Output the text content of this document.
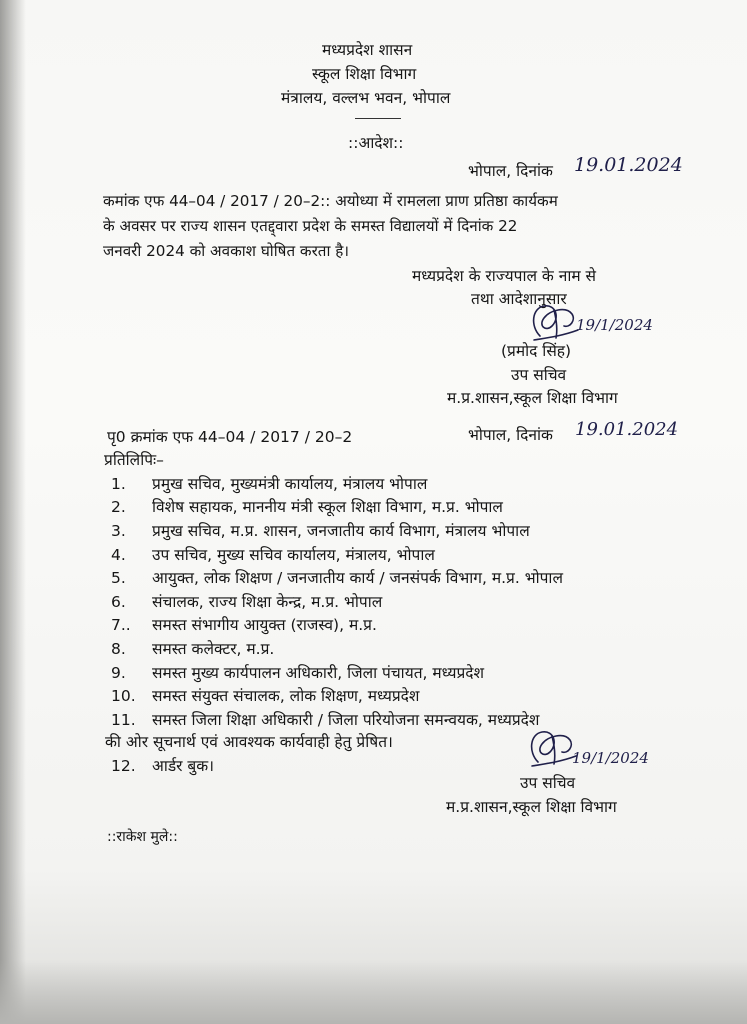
मध्यप्रदेश शासन

स्कूल शिक्षा विभाग

मंत्रालय, वल्लभ भवन, भोपाल

::आदेश::

भोपाल, दिनांक 19.01.2024

कमांक एफ 44–04 / 2017 / 20–2:: अयोध्या में रामलला प्राण प्रतिष्ठा कार्यकम

के अवसर पर राज्य शासन एतद्द्वारा प्रदेश के समस्त विद्यालयों में दिनांक 22

जनवरी 2024 को अवकाश घोषित करता है।

मध्यप्रदेश के राज्यपाल के नाम से

तथा आदेशानुसार

19/1/2024

(प्रमोद सिंह)

उप सचिव

म.प्र.शासन,स्कूल शिक्षा विभाग

पृ0 क्रमांक एफ 44–04 / 2017 / 20–2	भोपाल, दिनांक 19.01.2024

प्रतिलिपिः–

1. प्रमुख सचिव, मुख्यमंत्री कार्यालय, मंत्रालय भोपाल

2. विशेष सहायक, माननीय मंत्री स्कूल शिक्षा विभाग, म.प्र. भोपाल

3. प्रमुख सचिव, म.प्र. शासन, जनजातीय कार्य विभाग, मंत्रालय भोपाल

4. उप सचिव, मुख्य सचिव कार्यालय, मंत्रालय, भोपाल

5. आयुक्त, लोक शिक्षण / जनजातीय कार्य / जनसंपर्क विभाग, म.प्र. भोपाल

6. संचालक, राज्य शिक्षा केन्द्र, म.प्र. भोपाल

7.. समस्त संभागीय आयुक्त (राजस्व), म.प्र.

8. समस्त कलेक्टर, म.प्र.

9. समस्त मुख्य कार्यपालन अधिकारी, जिला पंचायत, मध्यप्रदेश

10. समस्त संयुक्त संचालक, लोक शिक्षण, मध्यप्रदेश

11. समस्त जिला शिक्षा अधिकारी / जिला परियोजना समन्वयक, मध्यप्रदेश

की ओर सूचनार्थ एवं आवश्यक कार्यवाही हेतु प्रेषित।

12. आर्डर बुक।	19/1/2024

उप सचिव

म.प्र.शासन,स्कूल शिक्षा विभाग

::राकेश मुले::
